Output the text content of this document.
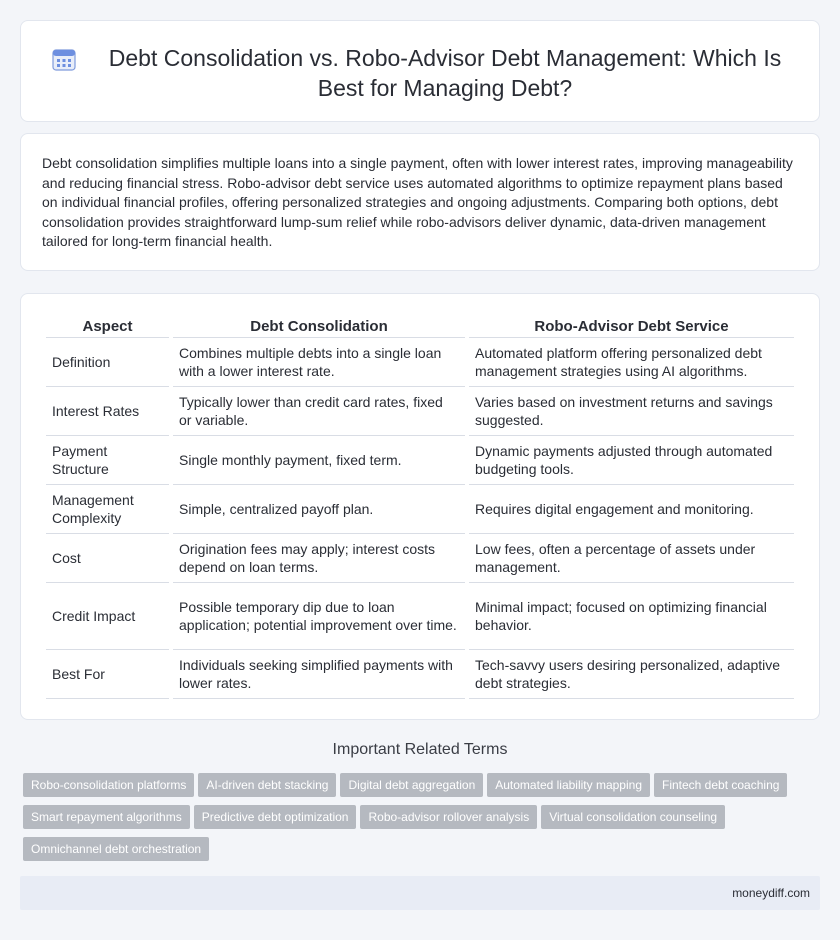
Debt Consolidation vs. Robo-Advisor Debt Management: Which Is Best for Managing Debt?

Debt consolidation simplifies multiple loans into a single payment, often with lower interest rates, improving manageability and reducing financial stress. Robo-advisor debt service uses automated algorithms to optimize repayment plans based on individual financial profiles, offering personalized strategies and ongoing adjustments. Comparing both options, debt consolidation provides straightforward lump-sum relief while robo-advisors deliver dynamic, data-driven management tailored for long-term financial health.

Aspect	Debt Consolidation	Robo-Advisor Debt Service
Definition	Combines multiple debts into a single loan with a lower interest rate.	Automated platform offering personalized debt management strategies using AI algorithms.
Interest Rates	Typically lower than credit card rates, fixed or variable.	Varies based on investment returns and savings suggested.
Payment Structure	Single monthly payment, fixed term.	Dynamic payments adjusted through automated budgeting tools.
Management Complexity	Simple, centralized payoff plan.	Requires digital engagement and monitoring.
Cost	Origination fees may apply; interest costs depend on loan terms.	Low fees, often a percentage of assets under management.
Credit Impact	Possible temporary dip due to loan application; potential improvement over time.	Minimal impact; focused on optimizing financial behavior.
Best For	Individuals seeking simplified payments with lower rates.	Tech-savvy users desiring personalized, adaptive debt strategies.
Important Related Terms
Robo-consolidation platforms AI-driven debt stacking Digital debt aggregation Automated liability mapping Fintech debt coachingSmart repayment algorithms Predictive debt optimization Robo-advisor rollover analysis Virtual consolidation counselingOmnichannel debt orchestration
moneydiff.com
